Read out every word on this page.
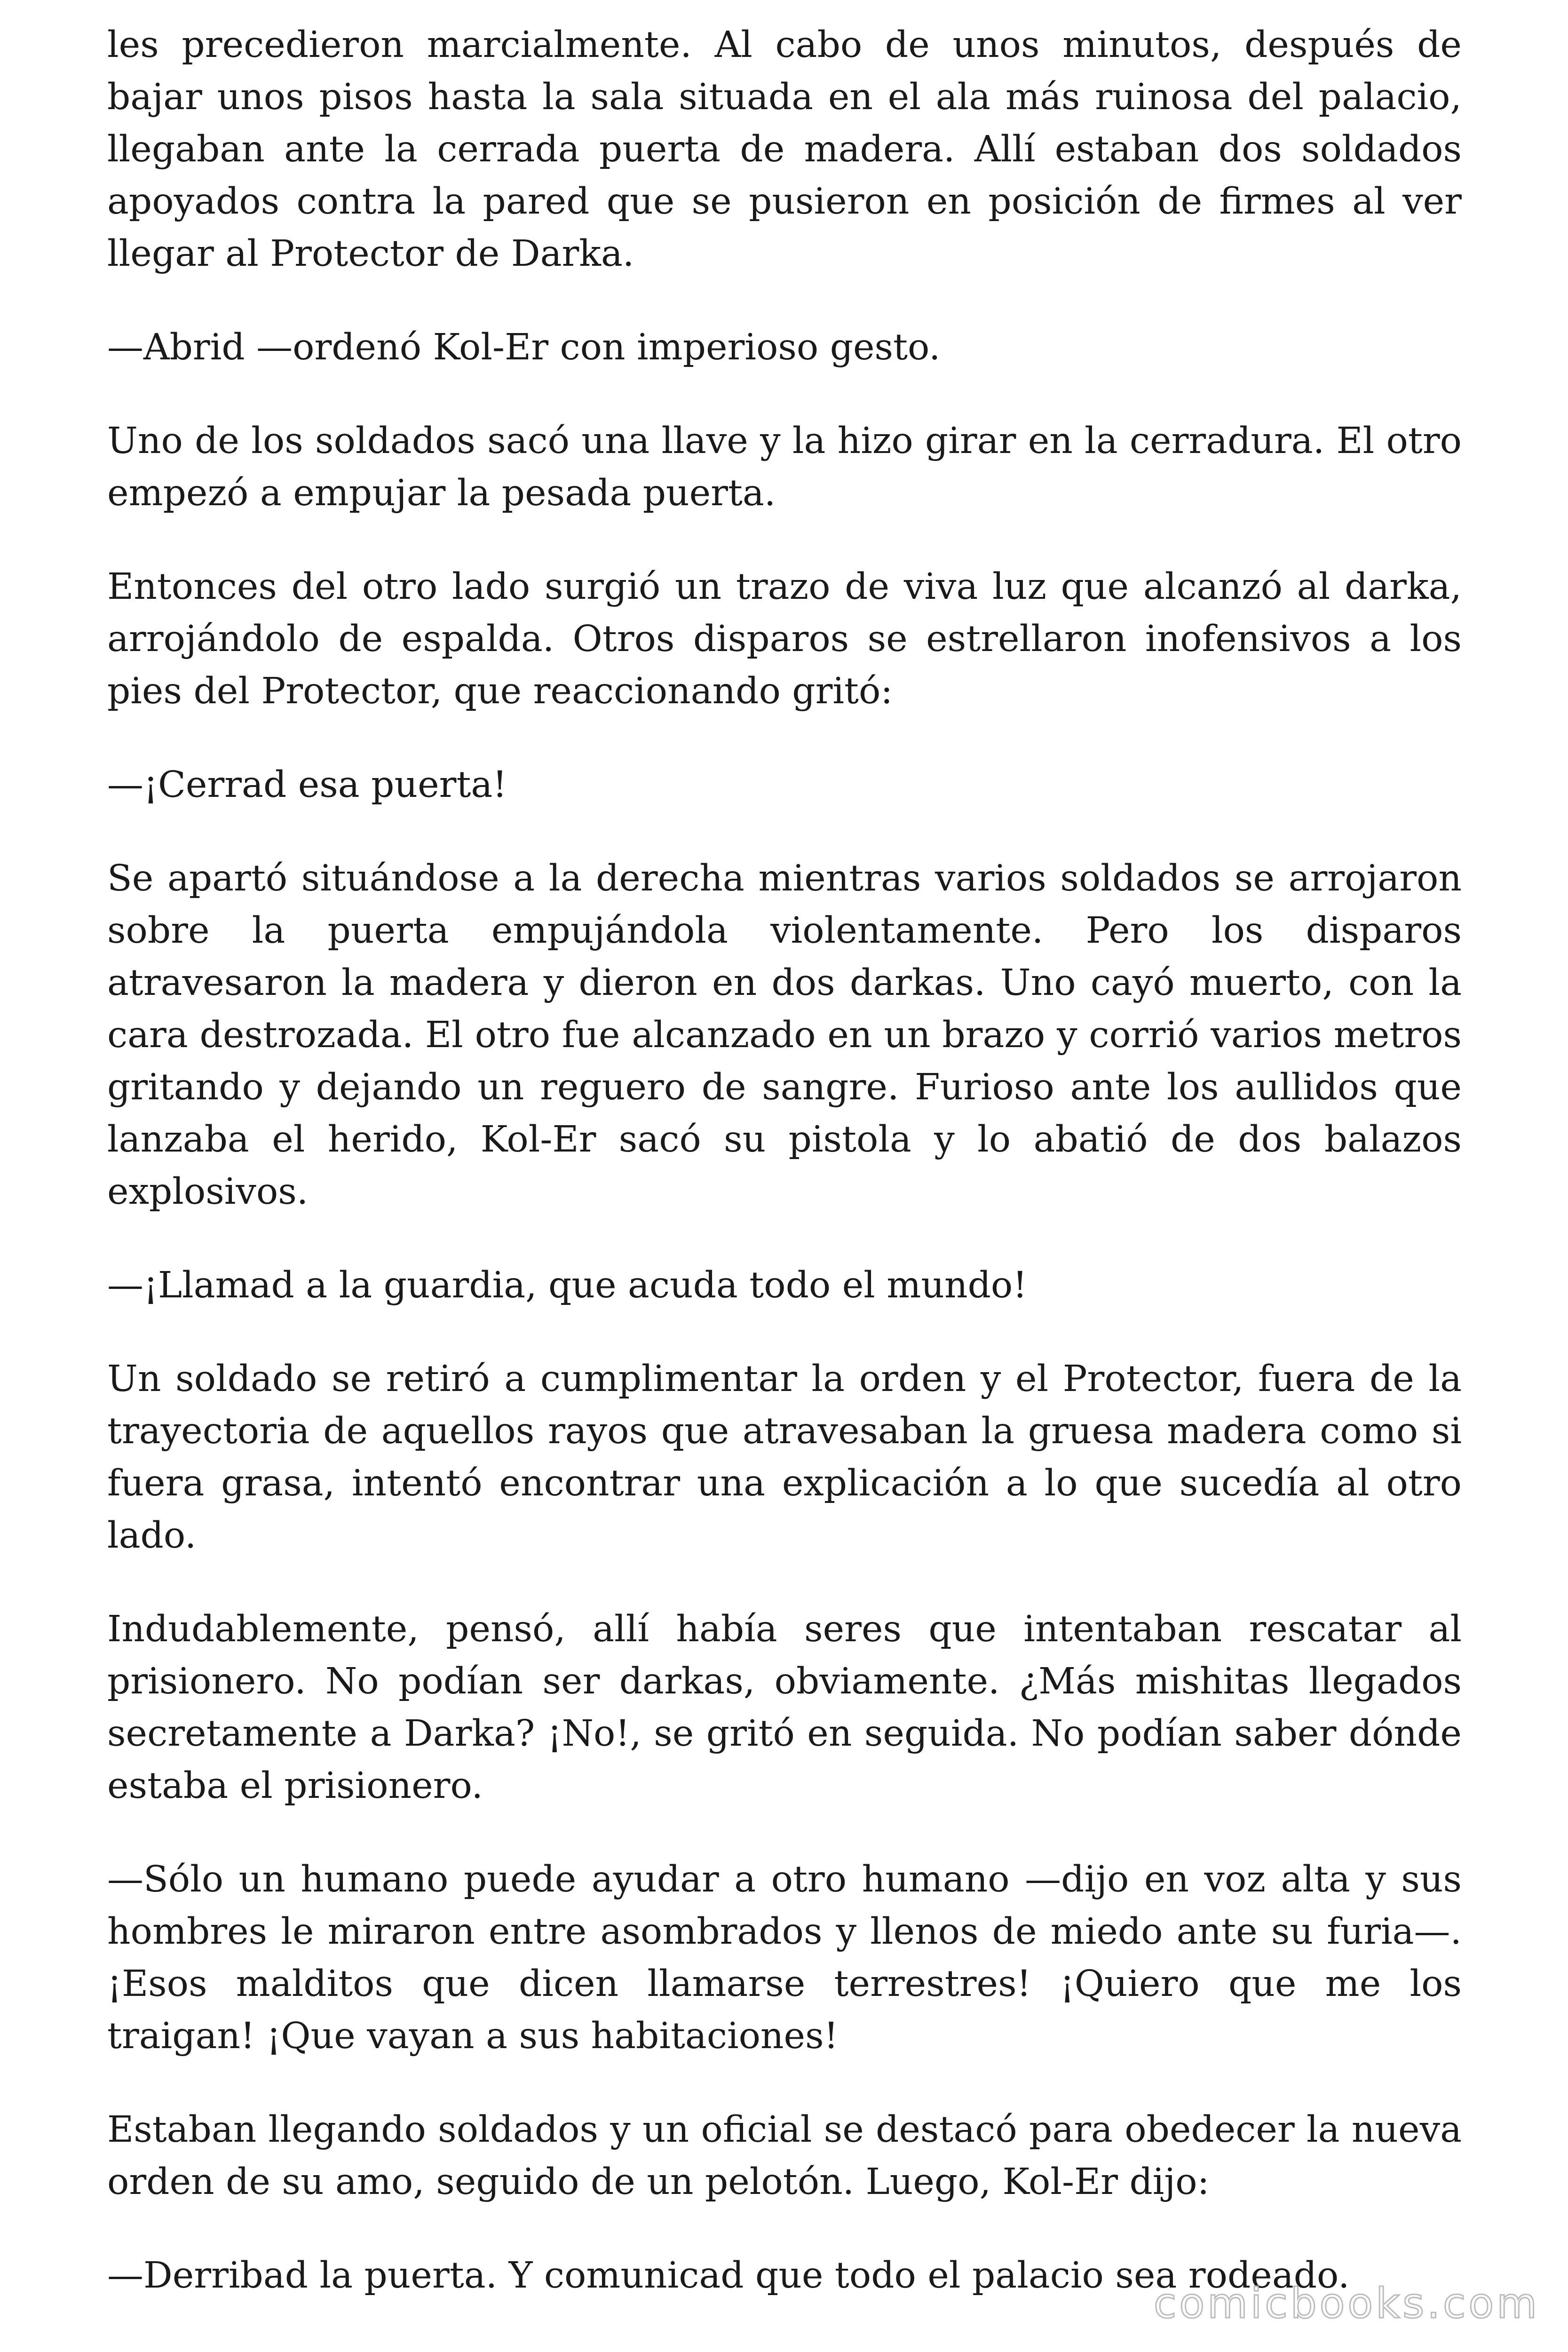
les precedieron marcialmente. Al cabo de unos minutos, después de bajar unos pisos hasta la sala situada en el ala más ruinosa del palacio, llegaban ante la cerrada puerta de madera. Allí estaban dos soldados apoyados contra la pared que se pusieron en posición de firmes al ver llegar al Protector de Darka.

—Abrid —ordenó Kol-Er con imperioso gesto.

Uno de los soldados sacó una llave y la hizo girar en la cerradura. El otro empezó a empujar la pesada puerta.

Entonces del otro lado surgió un trazo de viva luz que alcanzó al darka, arrojándolo de espalda. Otros disparos se estrellaron inofensivos a los pies del Protector, que reaccionando gritó:

—¡Cerrad esa puerta!

Se apartó situándose a la derecha mientras varios soldados se arrojaron sobre la puerta empujándola violentamente. Pero los disparos atravesaron la madera y dieron en dos darkas. Uno cayó muerto, con la cara destrozada. El otro fue alcanzado en un brazo y corrió varios metros gritando y dejando un reguero de sangre. Furioso ante los aullidos que lanzaba el herido, Kol-Er sacó su pistola y lo abatió de dos balazos explosivos.

—¡Llamad a la guardia, que acuda todo el mundo!

Un soldado se retiró a cumplimentar la orden y el Protector, fuera de la trayectoria de aquellos rayos que atravesaban la gruesa madera como si fuera grasa, intentó encontrar una explicación a lo que sucedía al otro lado.

Indudablemente, pensó, allí había seres que intentaban rescatar al prisionero. No podían ser darkas, obviamente. ¿Más mishitas llegados secretamente a Darka? ¡No!, se gritó en seguida. No podían saber dónde estaba el prisionero.

—Sólo un humano puede ayudar a otro humano —dijo en voz alta y sus hombres le miraron entre asombrados y llenos de miedo ante su furia—. ¡Esos malditos que dicen llamarse terrestres! ¡Quiero que me los traigan! ¡Que vayan a sus habitaciones!

Estaban llegando soldados y un oficial se destacó para obedecer la nueva orden de su amo, seguido de un pelotón. Luego, Kol-Er dijo:

—Derribad la puerta. Y comunicad que todo el palacio sea rodeado.

comicbooks.com
